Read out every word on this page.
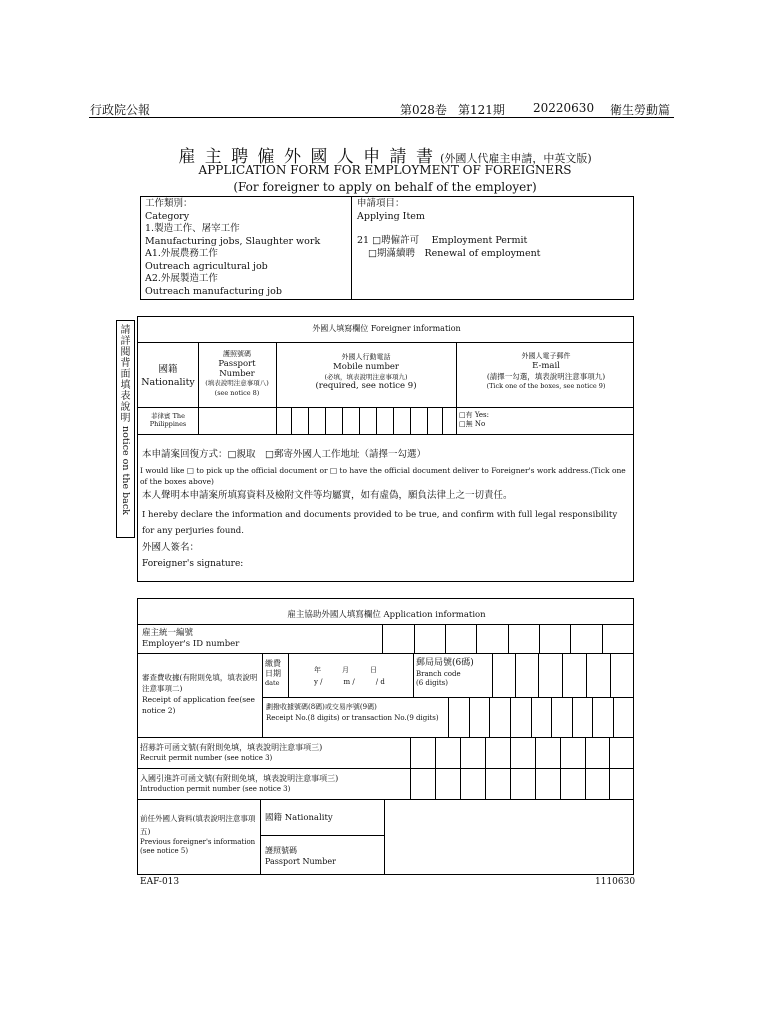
行政院公報	第028卷 第121期 20220630 衛生勞動篇
雇 主 聘 僱 外 國 人 申 請 書 (外國人代雇主申請，中英文版)
APPLICATION FORM FOR EMPLOYMENT OF FOREIGNERS
(For foreigner to apply on behalf of the employer)
工作類別：
Category
1.製造工作、屠宰工作
Manufacturing jobs, Slaughter work
A1.外展農務工作
Outreach agricultural job
A2.外展製造工作
Outreach manufacturing job
申請項目：
Applying Item
21 □聘僱許可　 Employment Permit
□期滿續聘　Renewal of employment
請詳閱背面填表說明
notice on the back
外國人填寫欄位 Foreigner information
國籍
Nationality
護照號碼
Passport Number
(填表說明注意事項八)
(see notice 8)
外國人行動電話
Mobile number
(必填，填表說明注意事項九)
(required, see notice 9)
外國人電子郵件
E-mail
(請擇一勾選，填表說明注意事項九)
(Tick one of the boxes, see notice 9)
菲律賓 The
Philippines
□有 Yes:
□無 No
本申請案回復方式：□親取　□郵寄外國人工作地址（請擇一勾選）
I would like □ to pick up the official document or □ to have the official document deliver to Foreigner's work address.(Tick one of the boxes above)
本人聲明本申請案所填寫資料及檢附文件等均屬實，如有虛偽，願負法律上之一切責任。
I hereby declare the information and documents provided to be true, and confirm with full legal responsibility for any perjuries found.
外國人簽名：
Foreigner's signature:
雇主協助外國人填寫欄位 Application information
雇主統一編號
Employer's ID number
審查費收據(有附則免填，填表說明注意事項二)
Receipt of application fee(see notice 2)
繳費日期
date
年　　　月　　　日
y /　　　m /　　　/ d
郵局局號(6碼)
Branch code
(6 digits)
劃撥收據號碼(8碼)或交易序號(9碼)
Receipt No.(8 digits) or transaction No.(9 digits)
招募許可函文號(有附則免填，填表說明注意事項三)
Recruit permit number (see notice 3)
入國引進許可函文號(有附則免填，填表說明注意事項三)
Introduction permit number (see notice 3)
前任外國人資料(填表說明注意事項五)
Previous foreigner's information (see notice 5)
國籍 Nationality
護照號碼
Passport Number
EAF-013	1110630
